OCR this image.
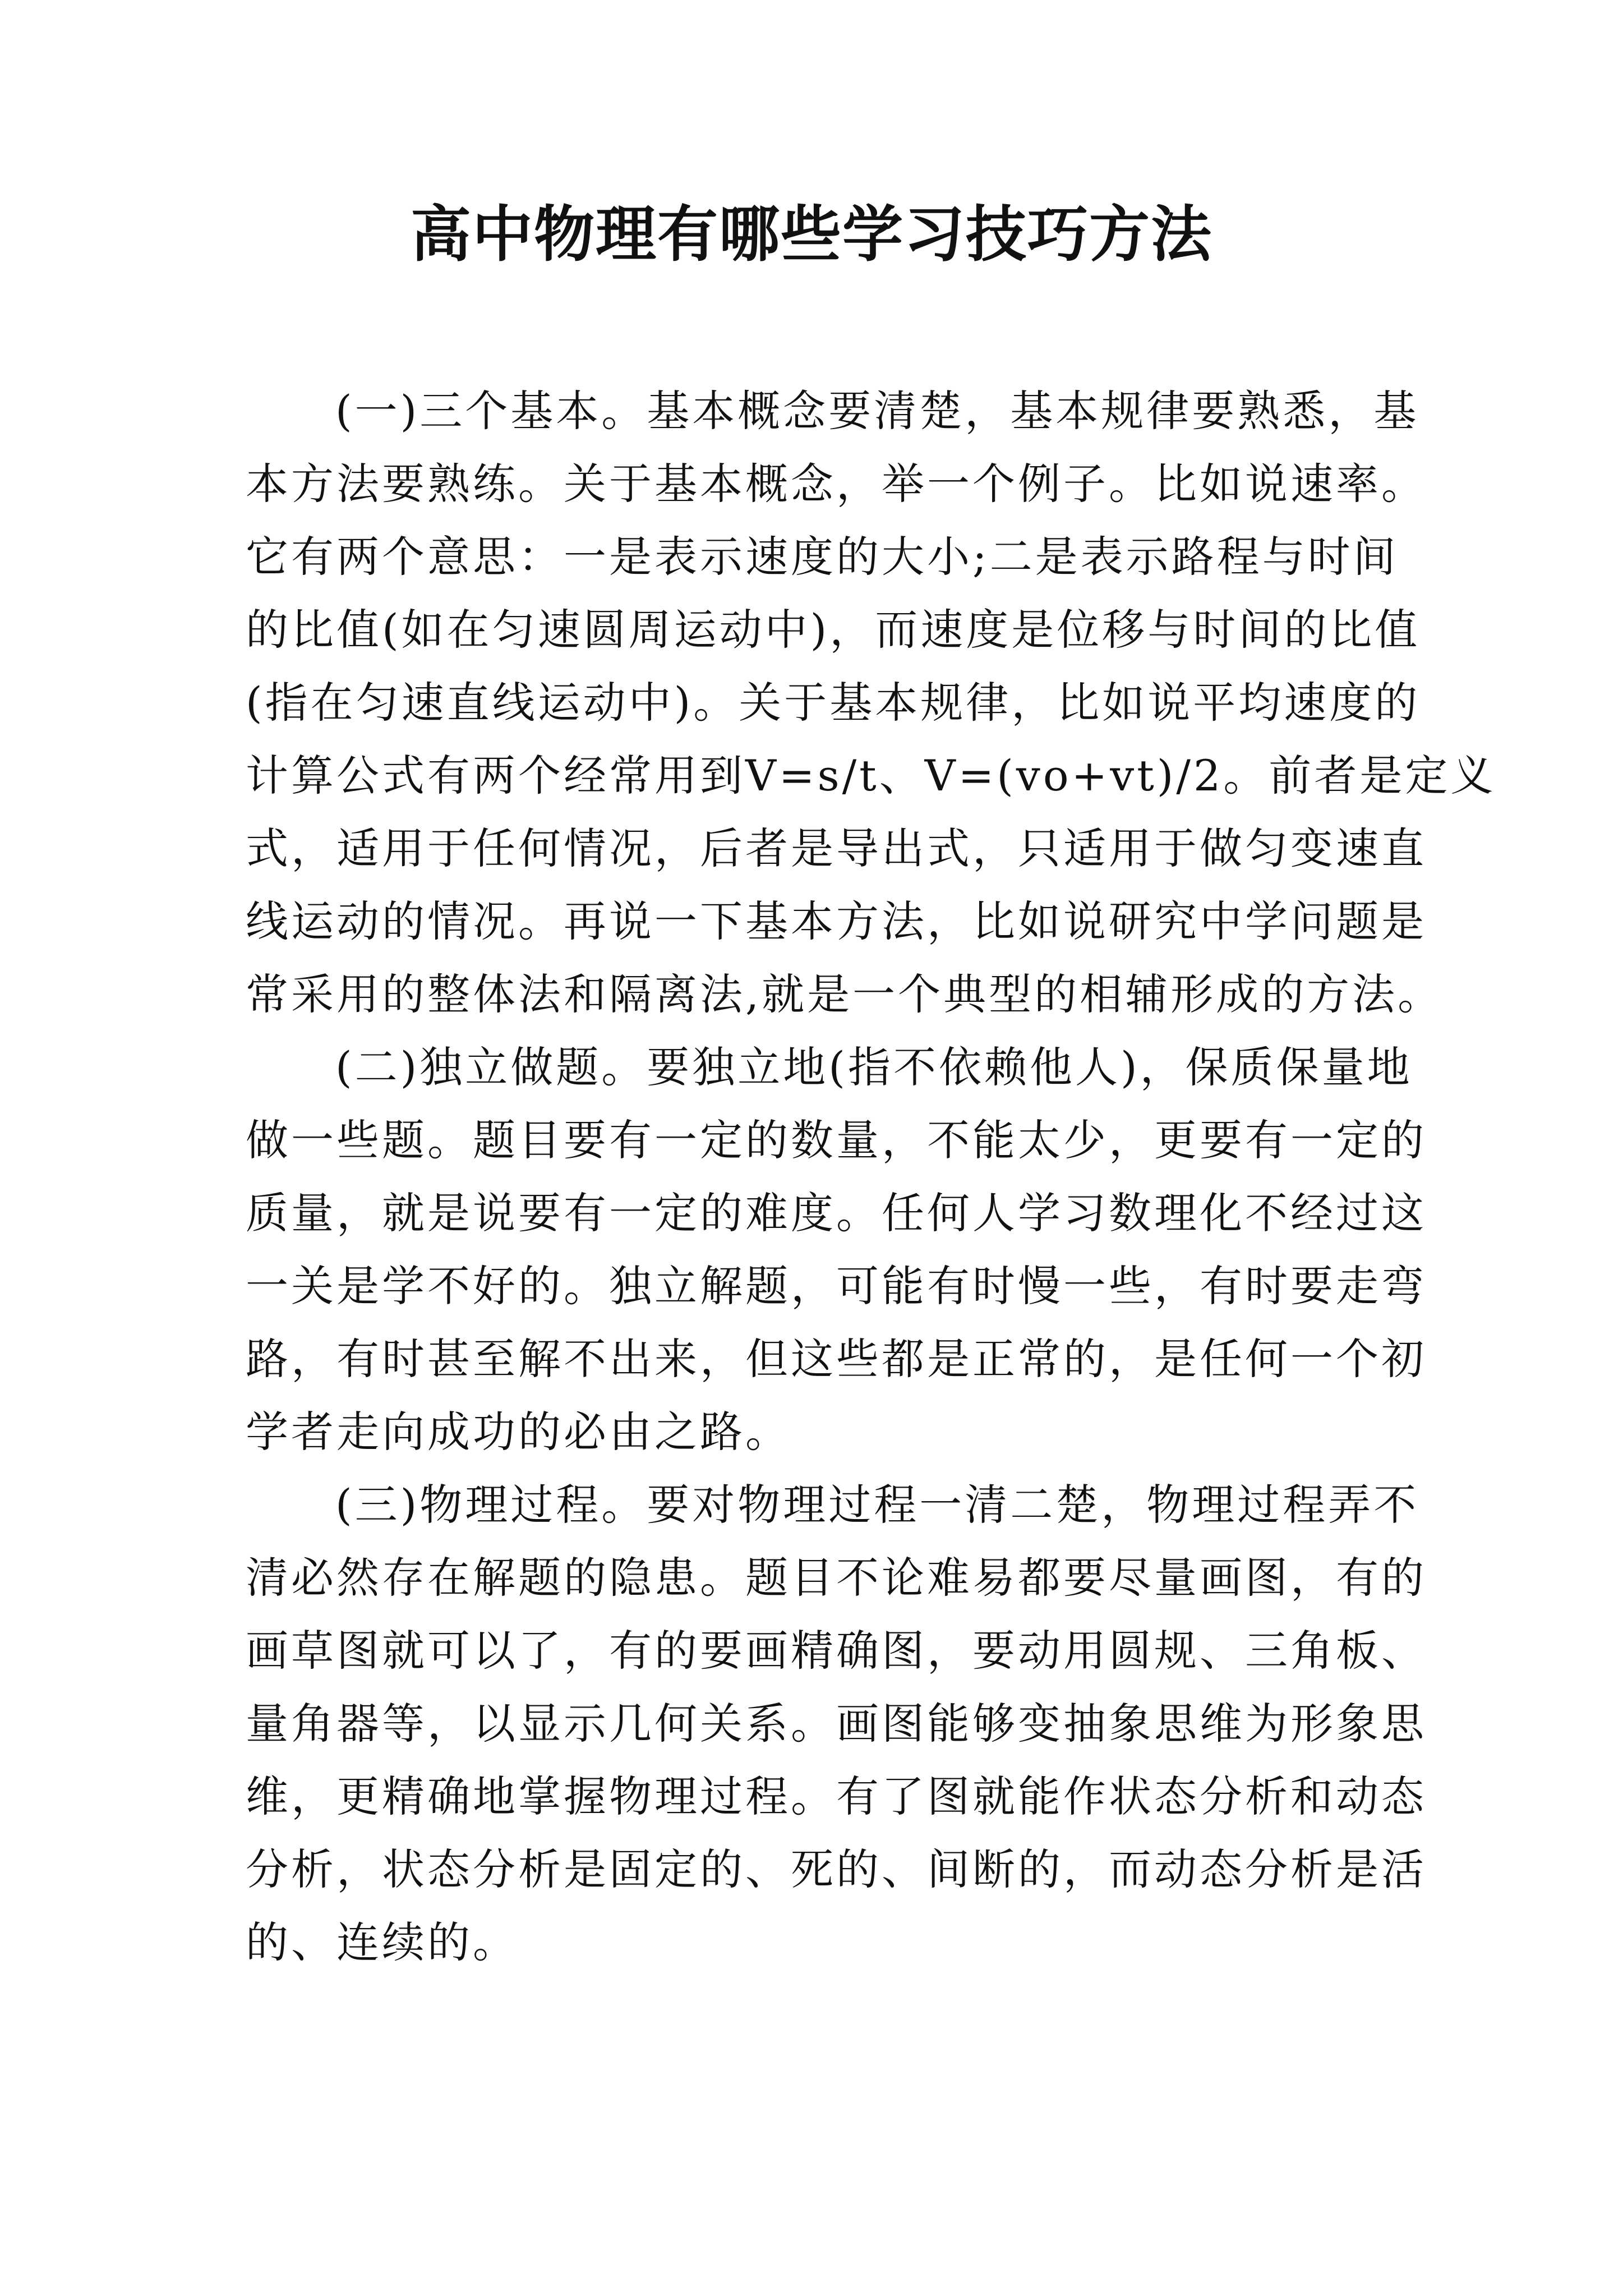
高中物理有哪些学习技巧方法
(一)三个基本。基本概念要清楚，基本规律要熟悉，基
本方法要熟练。关于基本概念，举一个例子。比如说速率。
它有两个意思：一是表示速度的大小;二是表示路程与时间
的比值(如在匀速圆周运动中)，而速度是位移与时间的比值
(指在匀速直线运动中)。关于基本规律，比如说平均速度的
计算公式有两个经常用到V=s/t、V=(vo+vt)/2。前者是定义
式，适用于任何情况，后者是导出式，只适用于做匀变速直
线运动的情况。再说一下基本方法，比如说研究中学问题是
常采用的整体法和隔离法,就是一个典型的相辅形成的方法。
(二)独立做题。要独立地(指不依赖他人)，保质保量地
做一些题。题目要有一定的数量，不能太少，更要有一定的
质量，就是说要有一定的难度。任何人学习数理化不经过这
一关是学不好的。独立解题，可能有时慢一些，有时要走弯
路，有时甚至解不出来，但这些都是正常的，是任何一个初
学者走向成功的必由之路。
(三)物理过程。要对物理过程一清二楚，物理过程弄不
清必然存在解题的隐患。题目不论难易都要尽量画图，有的
画草图就可以了，有的要画精确图，要动用圆规、三角板、
量角器等，以显示几何关系。画图能够变抽象思维为形象思
维，更精确地掌握物理过程。有了图就能作状态分析和动态
分析，状态分析是固定的、死的、间断的，而动态分析是活
的、连续的。
